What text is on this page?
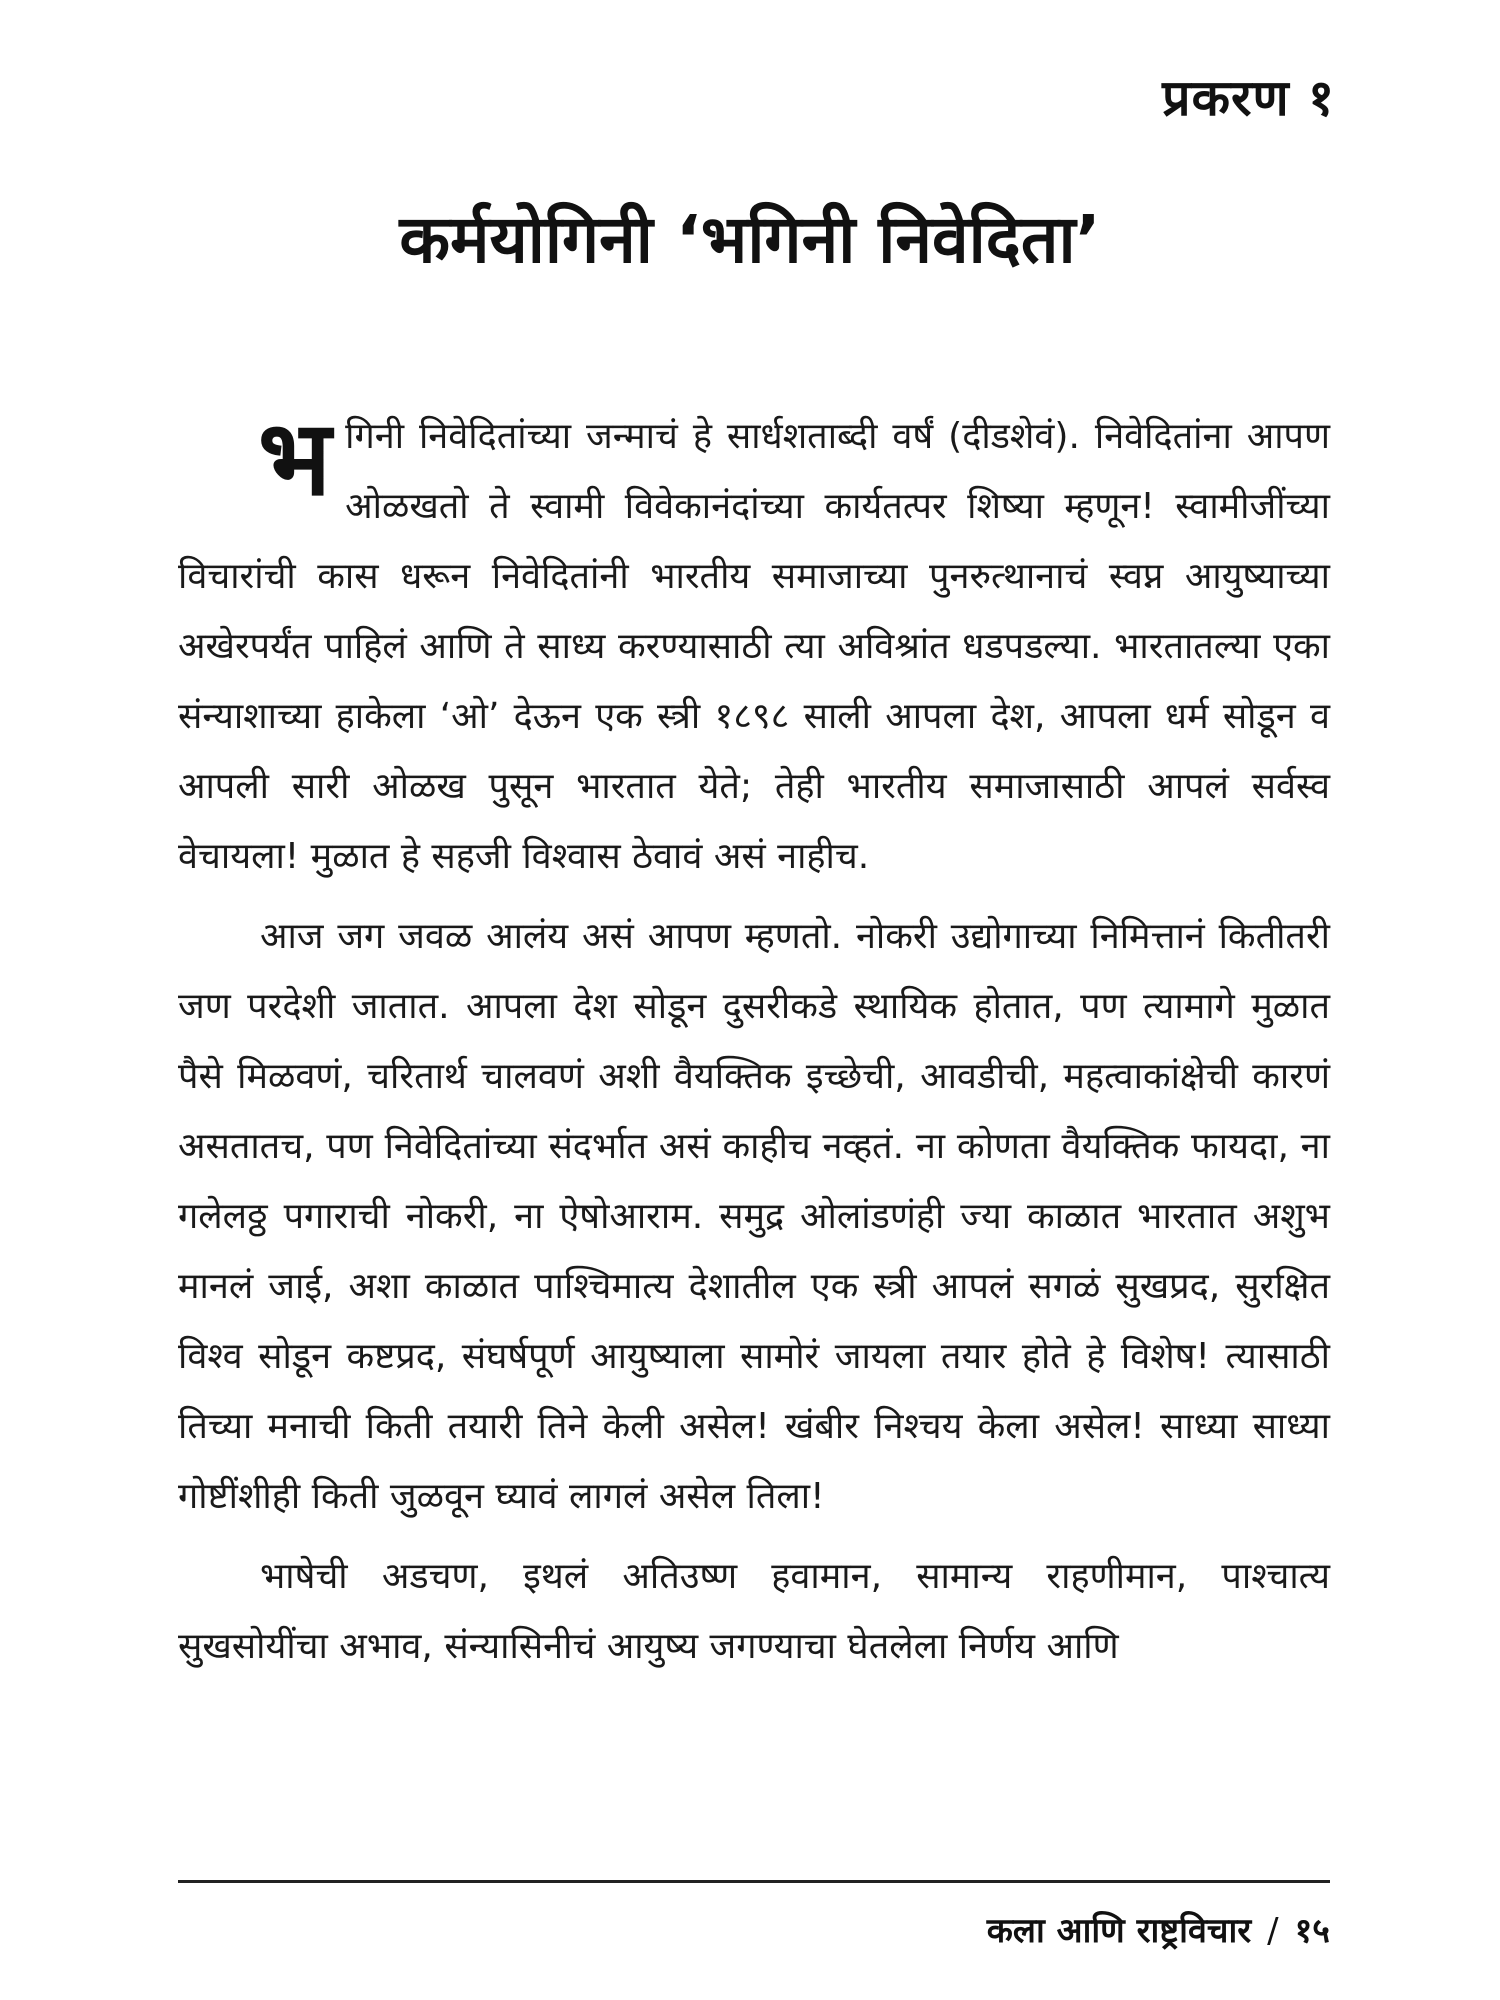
प्रकरण १
कर्मयोगिनी ‘भगिनी निवेदिता’

भगिनी निवेदितांच्या जन्माचं हे सार्धशताब्दी वर्षं (दीडशेवं). निवेदितांना आपण ओळखतो ते स्वामी विवेकानंदांच्या कार्यतत्पर शिष्या म्हणून! स्वामीजींच्या विचारांची कास धरून निवेदितांनी भारतीय समाजाच्या पुनरुत्थानाचं स्वप्न आयुष्याच्या अखेरपर्यंत पाहिलं आणि ते साध्य करण्यासाठी त्या अविश्रांत धडपडल्या. भारतातल्या एका संन्याशाच्या हाकेला ‘ओ’ देऊन एक स्त्री १८९८ साली आपला देश, आपला धर्म सोडून व आपली सारी ओळख पुसून भारतात येते; तेही भारतीय समाजासाठी आपलं सर्वस्व वेचायला! मुळात हे सहजी विश्वास ठेवावं असं नाहीच.

आज जग जवळ आलंय असं आपण म्हणतो. नोकरी उद्योगाच्या निमित्तानं कितीतरी जण परदेशी जातात. आपला देश सोडून दुसरीकडे स्थायिक होतात, पण त्यामागे मुळात पैसे मिळवणं, चरितार्थ चालवणं अशी वैयक्तिक इच्छेची, आवडीची, महत्वाकांक्षेची कारणं असतातच, पण निवेदितांच्या संदर्भात असं काहीच नव्हतं. ना कोणता वैयक्तिक फायदा, ना गलेलठ्ठ पगाराची नोकरी, ना ऐषोआराम. समुद्र ओलांडणंही ज्या काळात भारतात अशुभ मानलं जाई, अशा काळात पाश्चिमात्य देशातील एक स्त्री आपलं सगळं सुखप्रद, सुरक्षित विश्व सोडून कष्टप्रद, संघर्षपूर्ण आयुष्याला सामोरं जायला तयार होते हे विशेष! त्यासाठी तिच्या मनाची किती तयारी तिने केली असेल! खंबीर निश्चय केला असेल! साध्या साध्या गोष्टींशीही किती जुळवून घ्यावं लागलं असेल तिला!

भाषेची अडचण, इथलं अतिउष्ण हवामान, सामान्य राहणीमान, पाश्चात्य सुखसोयींचा अभाव, संन्यासिनीचं आयुष्य जगण्याचा घेतलेला निर्णय आणि

कला आणि राष्ट्रविचार / १५
